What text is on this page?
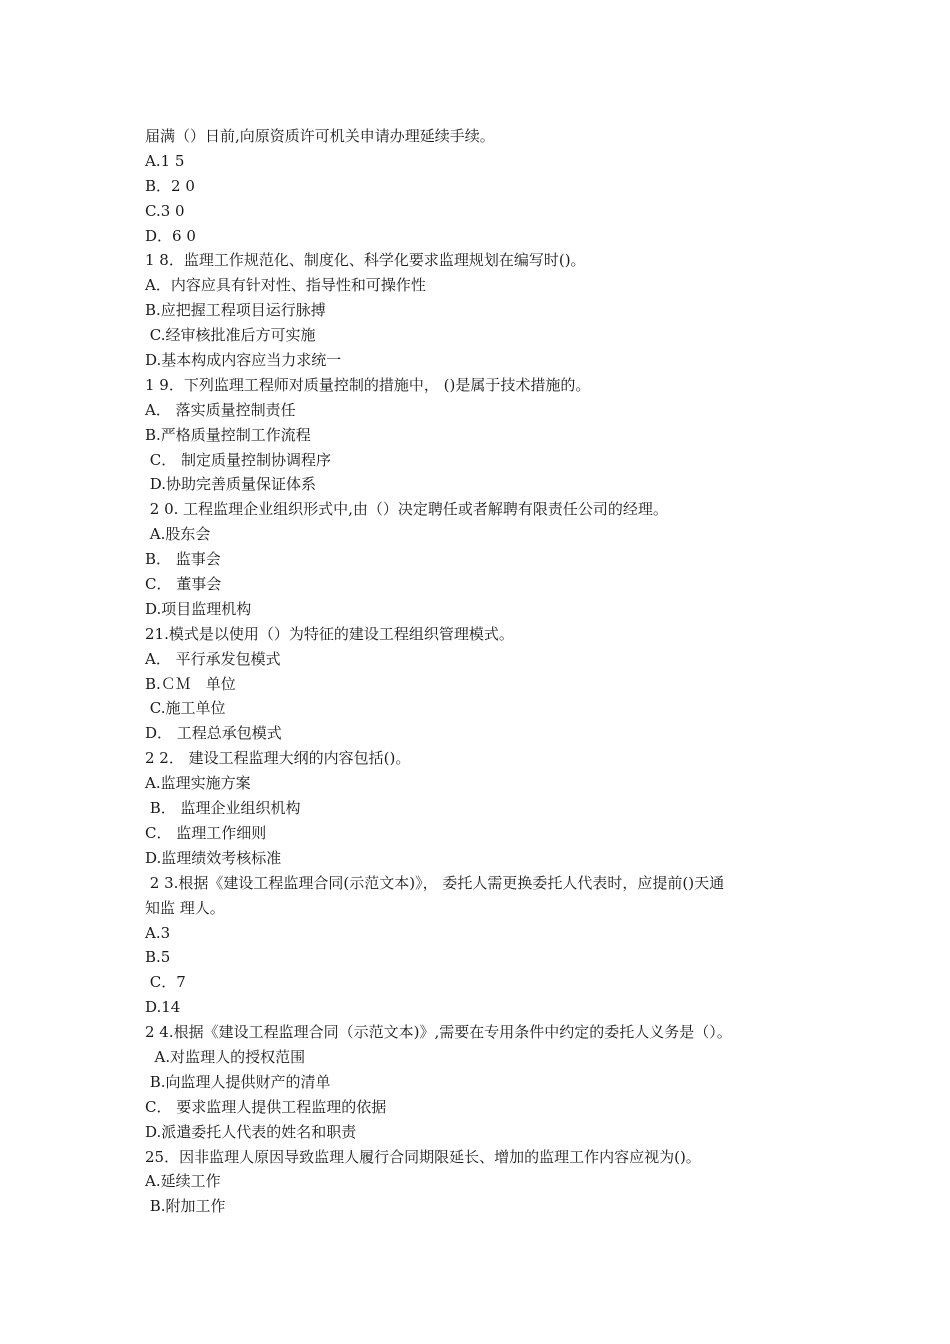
届满（）日前,向原资质许可机关申请办理延续手续。
A.1 5
B．2 0
C.3 0
D．6 0
1 8．监理工作规范化、制度化、科学化要求监理规划在编写时()。
A．内容应具有针对性、指导性和可操作性
B.应把握工程项目运行脉搏
C.经审核批准后方可实施
D.基本构成内容应当力求统一
1 9．下列监理工程师对质量控制的措施中， ()是属于技术措施的。
A． 落实质量控制责任
B.严格质量控制工作流程
C． 制定质量控制协调程序
D.协助完善质量保证体系
2 0. 工程监理企业组织形式中,由（）决定聘任或者解聘有限责任公司的经理。
A.股东会
B． 监事会
C． 董事会
D.项目监理机构
21.模式是以使用（）为特征的建设工程组织管理模式。
A． 平行承发包模式
B.ＣＭ　单位
C.施工单位
D． 工程总承包模式
2 2． 建设工程监理大纲的内容包括()。
A.监理实施方案
B． 监理企业组织机构
C． 监理工作细则
D.监理绩效考核标准
2 3.根据《建设工程监理合同(示范文本)》， 委托人需更换委托人代表时，应提前()天通
知监 理人。
A.3
B.5
C．7
D.14
2 4.根据《建设工程监理合同（示范文本)》,需要在专用条件中约定的委托人义务是（）。
A.对监理人的授权范围
B.向监理人提供财产的清单
C． 要求监理人提供工程监理的依据
D.派遣委托人代表的姓名和职责
25．因非监理人原因导致监理人履行合同期限延长、增加的监理工作内容应视为()。
A.延续工作
B.附加工作
